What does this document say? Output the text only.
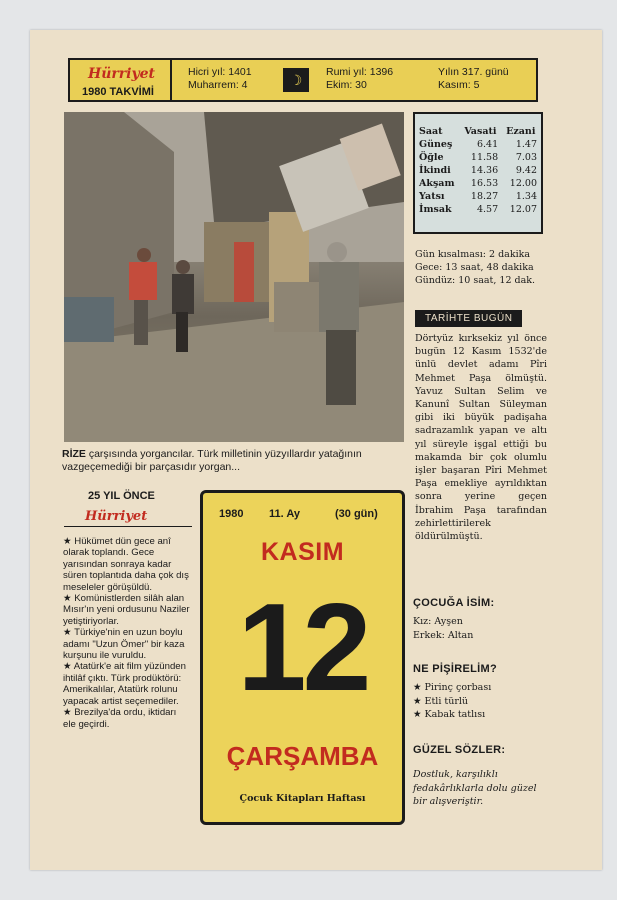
Hürriyet
1980 TAKVİMİ
Hicri yıl: 1401
Muharrem: 4	☽	Rumi yıl: 1396
Ekim: 30
Yılın 317. günü
Kasım: 5
RİZE çarşısında yorgancılar. Türk milletinin yüzyıllardır yatağının vazgeçemediği bir parçasıdır yorgan...
Saat	Vasati	Ezani
Güneş	6.41	1.47
Öğle	11.58	7.03
İkindi	14.36	9.42
Akşam	16.53	12.00
Yatsı	18.27	1.34
İmsak	4.57	12.07
Gün kısalması: 2 dakika
Gece: 13 saat, 48 dakika
Gündüz: 10 saat, 12 dak.
TARİHTE BUGÜN
Dörtyüz kırksekiz yıl önce bugün 12 Kasım 1532'de ünlü devlet adamı Pîri Mehmet Paşa ölmüştü. Yavuz Sultan Selim ve Kanunî Sultan Süleyman gibi iki büyük padişaha sadrazamlık yapan ve altı yıl süreyle işgal ettiği bu makamda bir çok olumlu işler başaran Pîri Mehmet Paşa emekliye ayrıldıktan sonra yerine geçen İbrahim Paşa tarafından zehirlettirilerek öldürülmüştü.
ÇOCUĞA İSİM:
Kız: Ayşen
Erkek: Altan
NE PİŞİRELİM?
★ Pirinç çorbası
★ Etli türlü
★ Kabak tatlısı
GÜZEL SÖZLER:
Dostluk, karşılıklı fedakârlıklarla dolu güzel bir alışveriştir.
25 YIL ÖNCE
Hürriyet

★ Hükümet dün gece anî olarak toplandı. Gece yarısından sonraya kadar süren toplantıda daha çok dış meseleler görüşüldü.

★ Komünistlerden silâh alan Mısır'ın yeni ordusunu Naziler yetiştiriyorlar.

★ Türkiye'nin en uzun boylu adamı "Uzun Ömer" bir kaza kurşunu ile vuruldu.

★ Atatürk'e ait film yüzünden ihtilâf çıktı. Türk prodüktörü: Amerikalılar, Atatürk rolunu yapacak artist seçemediler.

★ Brezilya'da ordu, iktidarı ele geçirdi.

1980 11. Ay	(30 gün)
KASIM
12
ÇARŞAMBA
Çocuk Kitapları Haftası
